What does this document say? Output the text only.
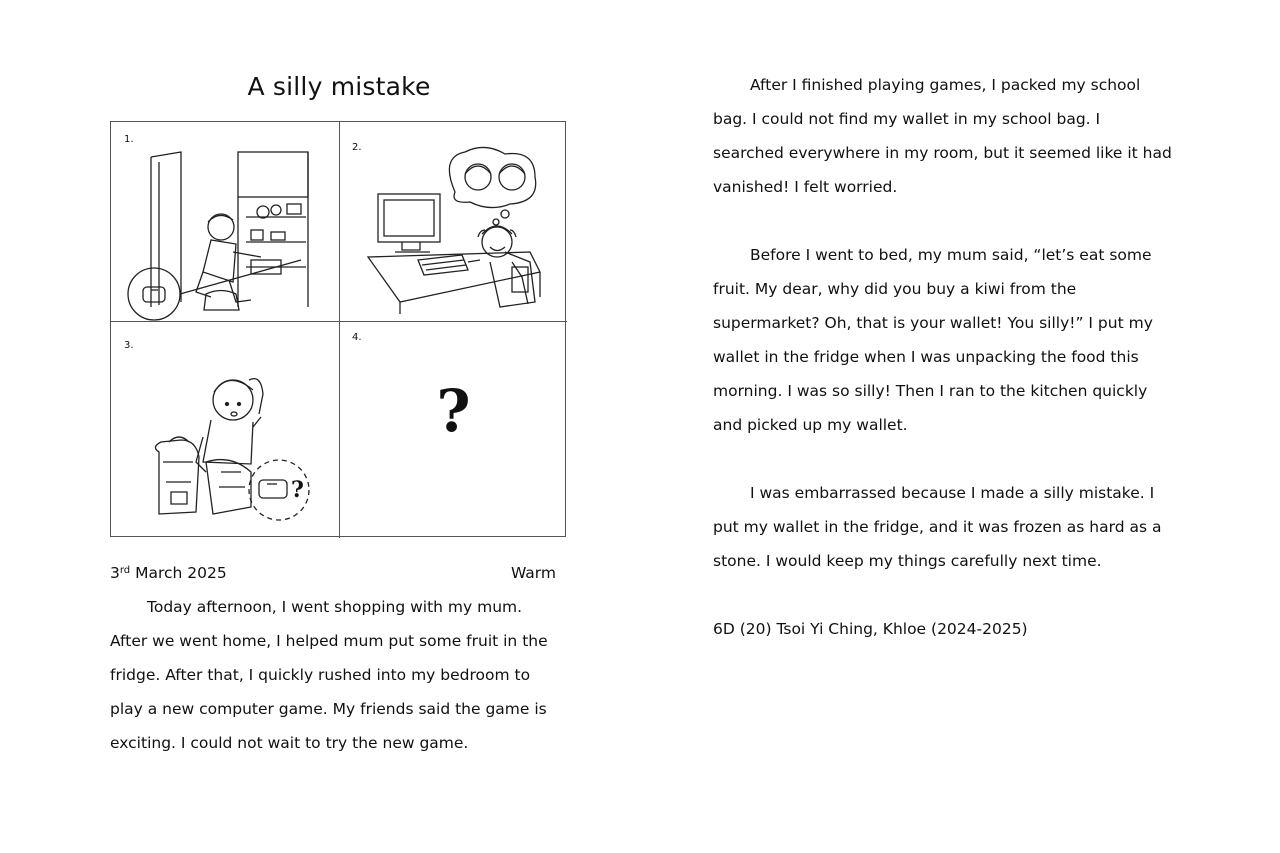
A silly mistake
1.
2.
3.
?
4.
?
3rd March 2025	Warm
Today afternoon, I went shopping with my mum. After we went home, I helped mum put some fruit in the fridge. After that, I quickly rushed into my bedroom to play a new computer game. My friends said the game is exciting. I could not wait to try the new game.

After I finished playing games, I packed my school bag. I could not find my wallet in my school bag. I searched everywhere in my room, but it seemed like it had vanished! I felt worried.

Before I went to bed, my mum said, “let’s eat some fruit. My dear, why did you buy a kiwi from the supermarket? Oh, that is your wallet! You silly!” I put my wallet in the fridge when I was unpacking the food this morning. I was so silly! Then I ran to the kitchen quickly and picked up my wallet.

I was embarrassed because I made a silly mistake. I put my wallet in the fridge, and it was frozen as hard as a stone. I would keep my things carefully next time.

6D (20) Tsoi Yi Ching, Khloe (2024-2025)
